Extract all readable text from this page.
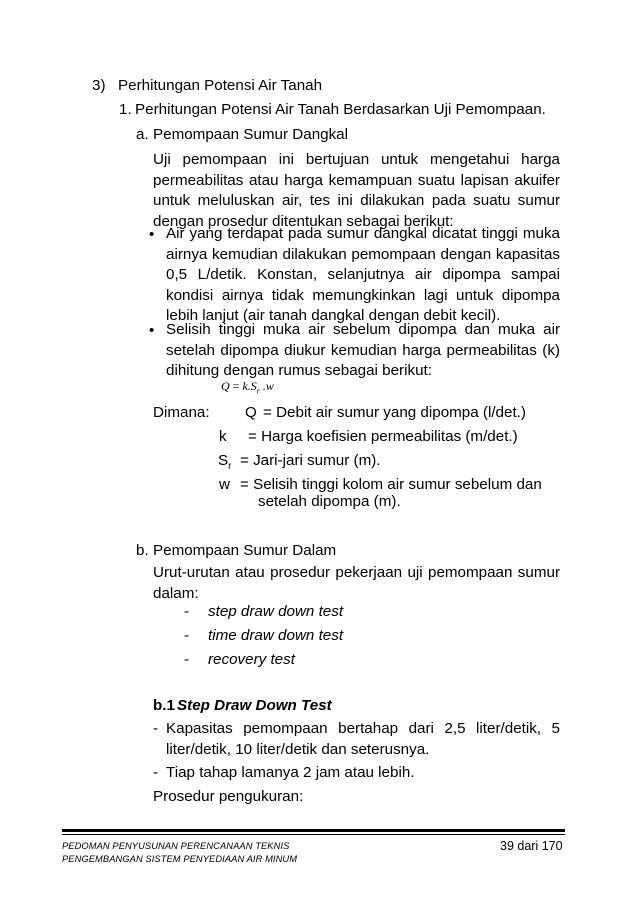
3) Perhitungan Potensi Air Tanah
1. Perhitungan Potensi Air Tanah Berdasarkan Uji Pemompaan.
a. Pemompaan Sumur Dangkal
Uji pemompaan ini bertujuan untuk mengetahui harga permeabilitas atau harga kemampuan suatu lapisan akuifer untuk meluluskan air, tes ini dilakukan pada suatu sumur dengan prosedur ditentukan sebagai berikut:
• Air yang terdapat pada sumur dangkal dicatat tinggi muka airnya kemudian dilakukan pemompaan dengan kapasitas 0,5 L/detik. Konstan, selanjutnya air dipompa sampai kondisi airnya tidak memungkinkan lagi untuk dipompa lebih lanjut (air tanah dangkal dengan debit kecil).
• Selisih tinggi muka air sebelum dipompa dan muka air setelah dipompa diukur kemudian harga permeabilitas (k) dihitung dengan rumus sebagai berikut:
$Q = k.S_r$ .w
Dimana: Q = Debit air sumur yang dipompa (l/det.)
k = Harga koefisien permeabilitas (m/det.)
$S_r$ = Jari-jari sumur (m).
w = Selisih tinggi kolom air sumur sebelum dan
setelah dipompa (m).
b. Pemompaan Sumur Dalam
Urut-urutan atau prosedur pekerjaan uji pemompaan sumur dalam:
- step draw down test
- time draw down test
- recovery test
b.1 Step Draw Down Test
- Kapasitas pemompaan bertahap dari 2,5 liter/detik, 5 liter/detik, 10 liter/detik dan seterusnya.
- Tiap tahap lamanya 2 jam atau lebih.
Prosedur pengukuran:
PEDOMAN PENYUSUNAN PERENCANAAN TEKNIS
PENGEMBANGAN SISTEM PENYEDIAAN AIR MINUM
39 dari 170
